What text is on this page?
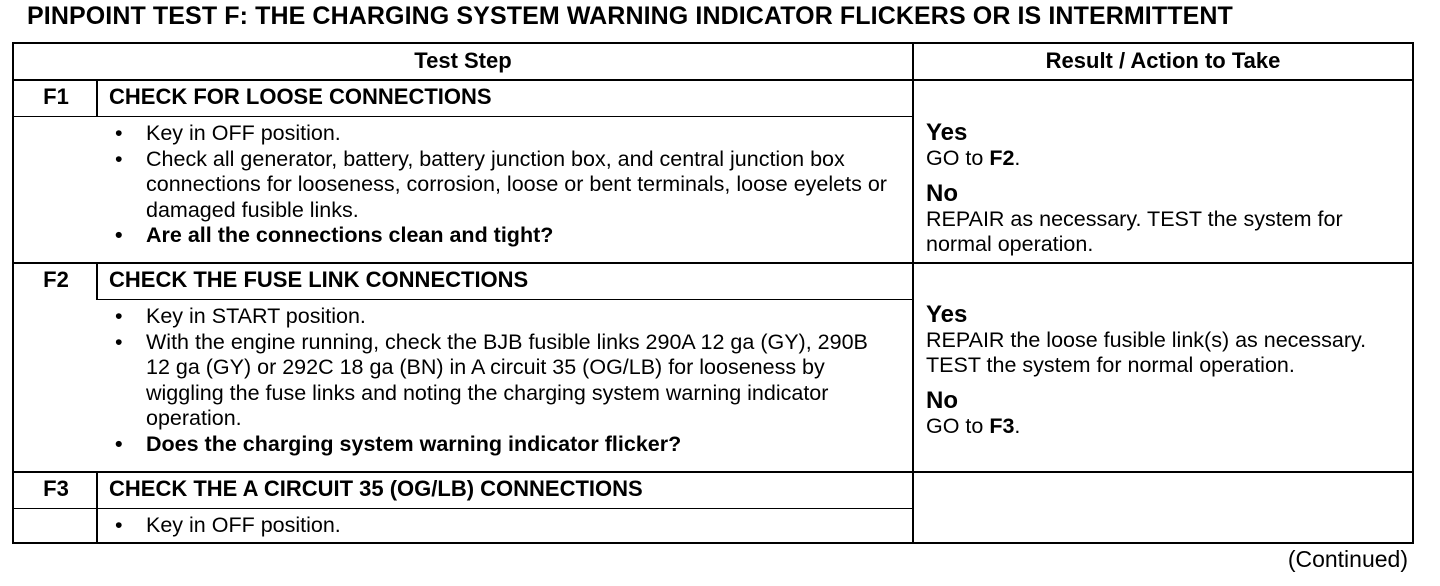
PINPOINT TEST F: THE CHARGING SYSTEM WARNING INDICATOR FLICKERS OR IS INTERMITTENT
Test Step	Result / Action to Take
F1	CHECK FOR LOOSE CONNECTIONS
• Key in OFF position.
• Check all generator, battery, battery junction box, and central junction box connections for looseness, corrosion, loose or bent terminals, loose eyelets or damaged fusible links.
• Are all the connections clean and tight?
Yes
GO to F2.
No
REPAIR as necessary. TEST the system for normal operation.
F2	CHECK THE FUSE LINK CONNECTIONS
• Key in START position.
• With the engine running, check the BJB fusible links 290A 12 ga (GY), 290B 12 ga (GY) or 292C 18 ga (BN) in A circuit 35 (OG/LB) for looseness by wiggling the fuse links and noting the charging system warning indicator operation.
• Does the charging system warning indicator flicker?
Yes
REPAIR the loose fusible link(s) as necessary. TEST the system for normal operation.
No
GO to F3.
F3	CHECK THE A CIRCUIT 35 (OG/LB) CONNECTIONS
• Key in OFF position.
(Continued)
